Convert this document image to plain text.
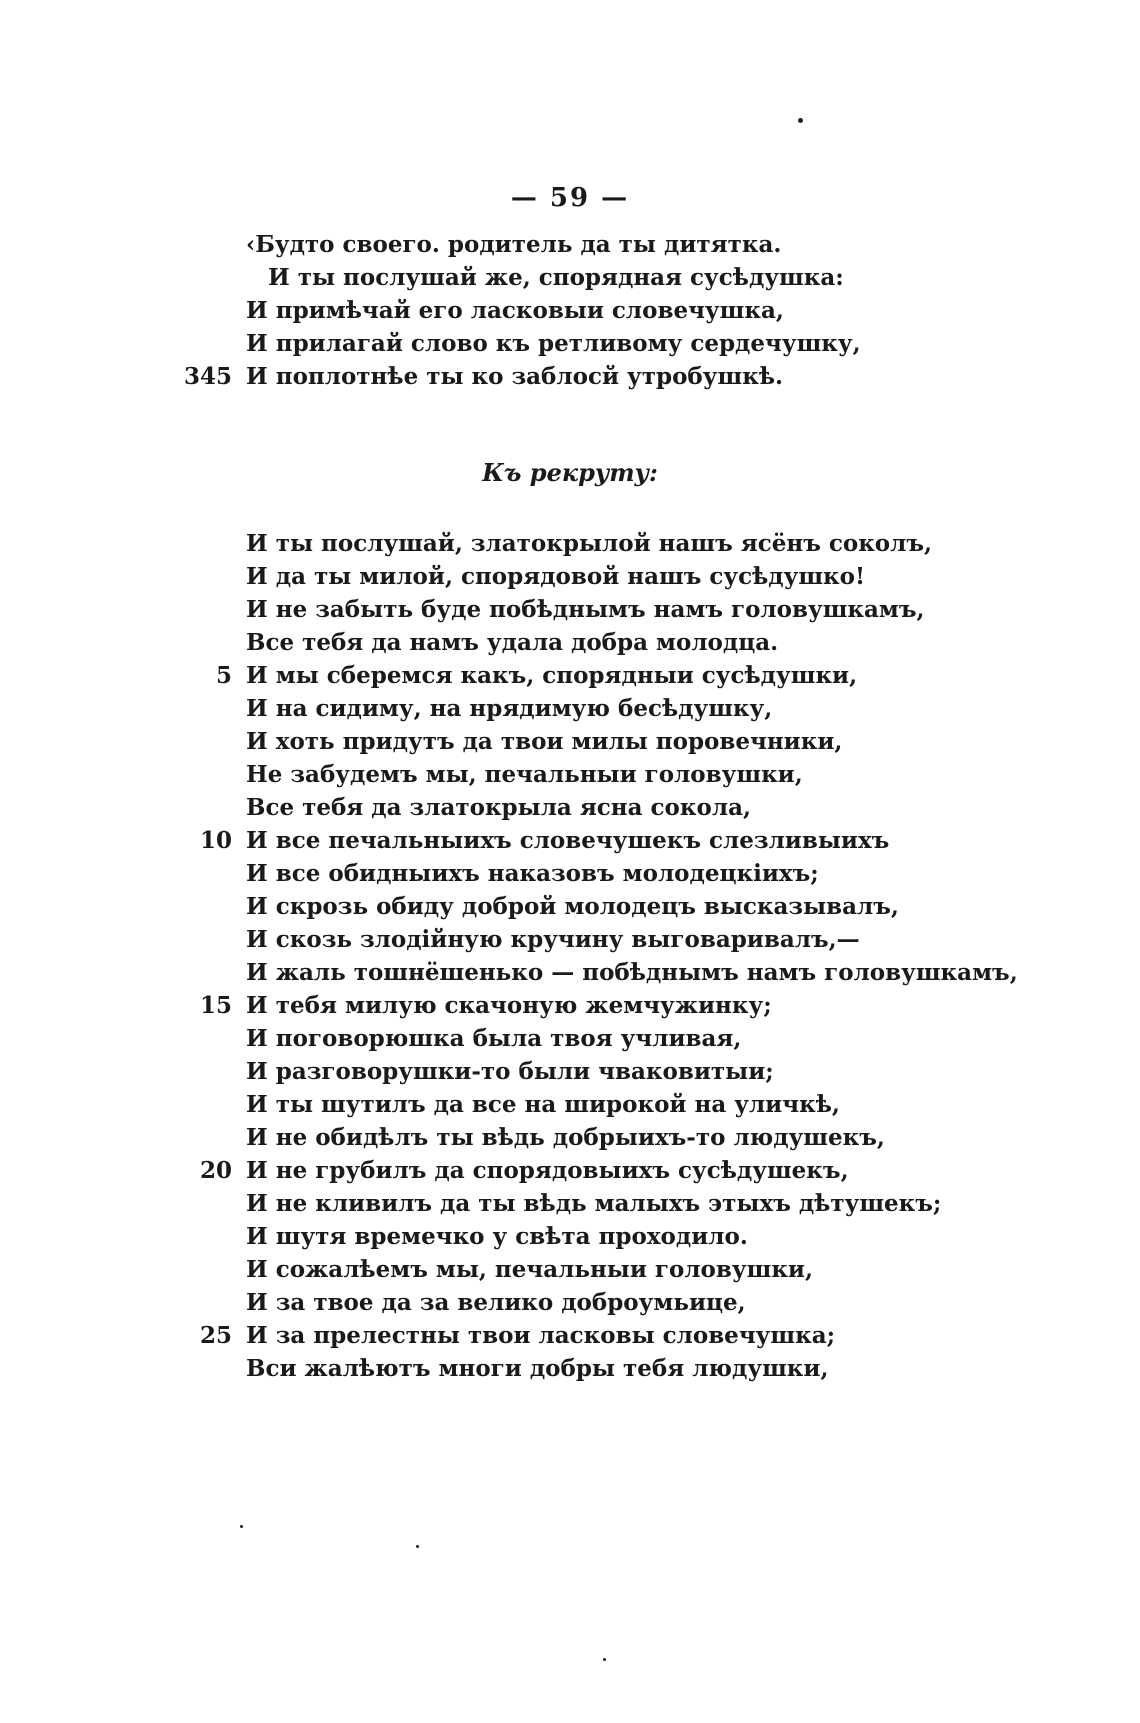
— 59 —
‹Будто своего. родитель да ты дитятка.
И ты послушай же, спорядная сусѣдушка:
И примѣчай его ласковыи словечушка,
И прилагай слово къ ретливому сердечушку,
345 И поплотнѣе ты ко заблосй утробушкѣ.
Къ рекруту:
И ты послушай, златокрылой нашъ ясёнъ соколъ,
И да ты милой, спорядовой нашъ сусѣдушко!
И не забыть буде побѣднымъ намъ головушкамъ,
Все тебя да намъ удала добра молодца.
5 И мы сберемся какъ, спорядныи сусѣдушки,
И на сидиму, на нрядимую бесѣдушку,
И хоть придутъ да твои милы поровечники,
Не забудемъ мы, печальныи головушки,
Все тебя да златокрыла ясна сокола,
10 И все печальныихъ словечушекъ слезливыихъ
И все обидныихъ наказовъ молодецкіихъ;
И скрозь обиду доброй молодецъ высказывалъ,
И скозь злодійную кручину выговаривалъ,—
И жаль тошнёшенько — побѣднымъ намъ головушкамъ,
15 И тебя милую скачоную жемчужинку;
И поговорюшка была твоя учливая,
И разговорушки-то были чваковитыи;
И ты шутилъ да все на широкой на уличкѣ,
И не обидѣлъ ты вѣдь добрыихъ-то людушекъ,
20 И не грубилъ да спорядовыихъ сусѣдушекъ,
И не кливилъ да ты вѣдь малыхъ этыхъ дѣтушекъ;
И шутя времечко у свѣта проходило.
И сожалѣемъ мы, печальныи головушки,
И за твое да за велико доброумьице,
25 И за прелестны твои ласковы словечушка;
Вси жалѣютъ многи добры тебя людушки,
